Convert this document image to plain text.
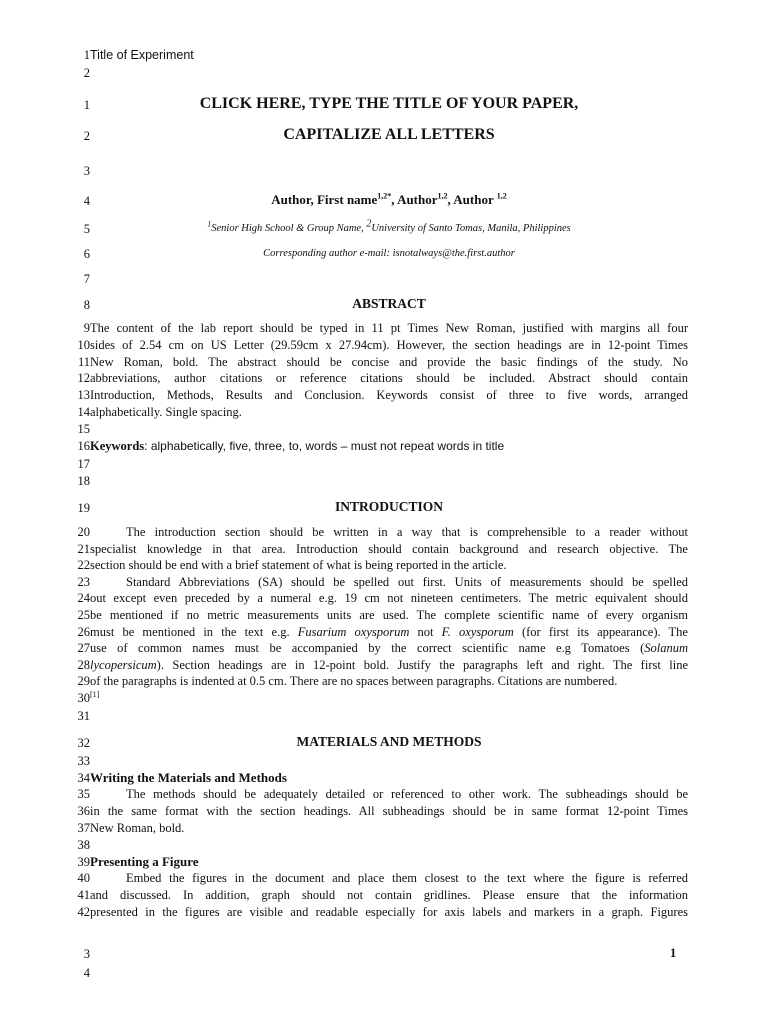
1Title of Experiment
2
1	CLICK HERE, TYPE THE TITLE OF YOUR PAPER,
2	CAPITALIZE ALL LETTERS
3
4	Author, First name$^{1,2*}$, Author$^{1,2}$, Author $^{1,2}$
5	$^1$Senior High School & Group Name, $^2$University of Santo Tomas, Manila, Philippines
6	Corresponding author e-mail: isnotalways@the.first.author
7
8	ABSTRACT
9 The content of the lab report should be typed in 11 pt Times New Roman, justified with margins all four
10 sides of 2.54 cm on US Letter (29.59cm x 27.94cm). However, the section headings are in 12-point Times
11 New Roman, bold. The abstract should be concise and provide the basic findings of the study. No
12 abbreviations, author citations or reference citations should be included. Abstract should contain
13 Introduction, Methods, Results and Conclusion. Keywords consist of three to five words, arranged
14 alphabetically. Single spacing.
15
16Keywords: alphabetically, five, three, to, words – must not repeat words in title
17
18
19	INTRODUCTION
20	The introduction section should be written in a way that is comprehensible to a reader without
21 specialist knowledge in that area. Introduction should contain background and research objective. The
22 section should be end with a brief statement of what is being reported in the article.
23	Standard Abbreviations (SA) should be spelled out first. Units of measurements should be spelled
24 out except even preceded by a numeral e.g. 19 cm not nineteen centimeters. The metric equivalent should
25 be mentioned if no metric measurements units are used. The complete scientific name of every organism
26 must be mentioned in the text e.g. Fusarium oxysporum not F. oxysporum (for first its appearance). The
27 use of common names must be accompanied by the correct scientific name e.g Tomatoes (Solanum
28 lycopersicum). Section headings are in 12-point bold. Justify the paragraphs left and right. The first line
29 of the paragraphs is indented at 0.5 cm. There are no spaces between paragraphs. Citations are numbered.
30 [1]
31
32	MATERIALS AND METHODS
33
34Writing the Materials and Methods
35	The methods should be adequately detailed or referenced to other work. The subheadings should be
36 in the same format with the section headings. All subheadings should be in same format 12-point Times
37 New Roman, bold.
38
39Presenting a Figure
40	Embed the figures in the document and place them closest to the text where the figure is referred
41 and discussed. In addition, graph should not contain gridlines. Please ensure that the information
42 presented in the figures are visible and readable especially for axis labels and markers in a graph. Figures
3
4
1
